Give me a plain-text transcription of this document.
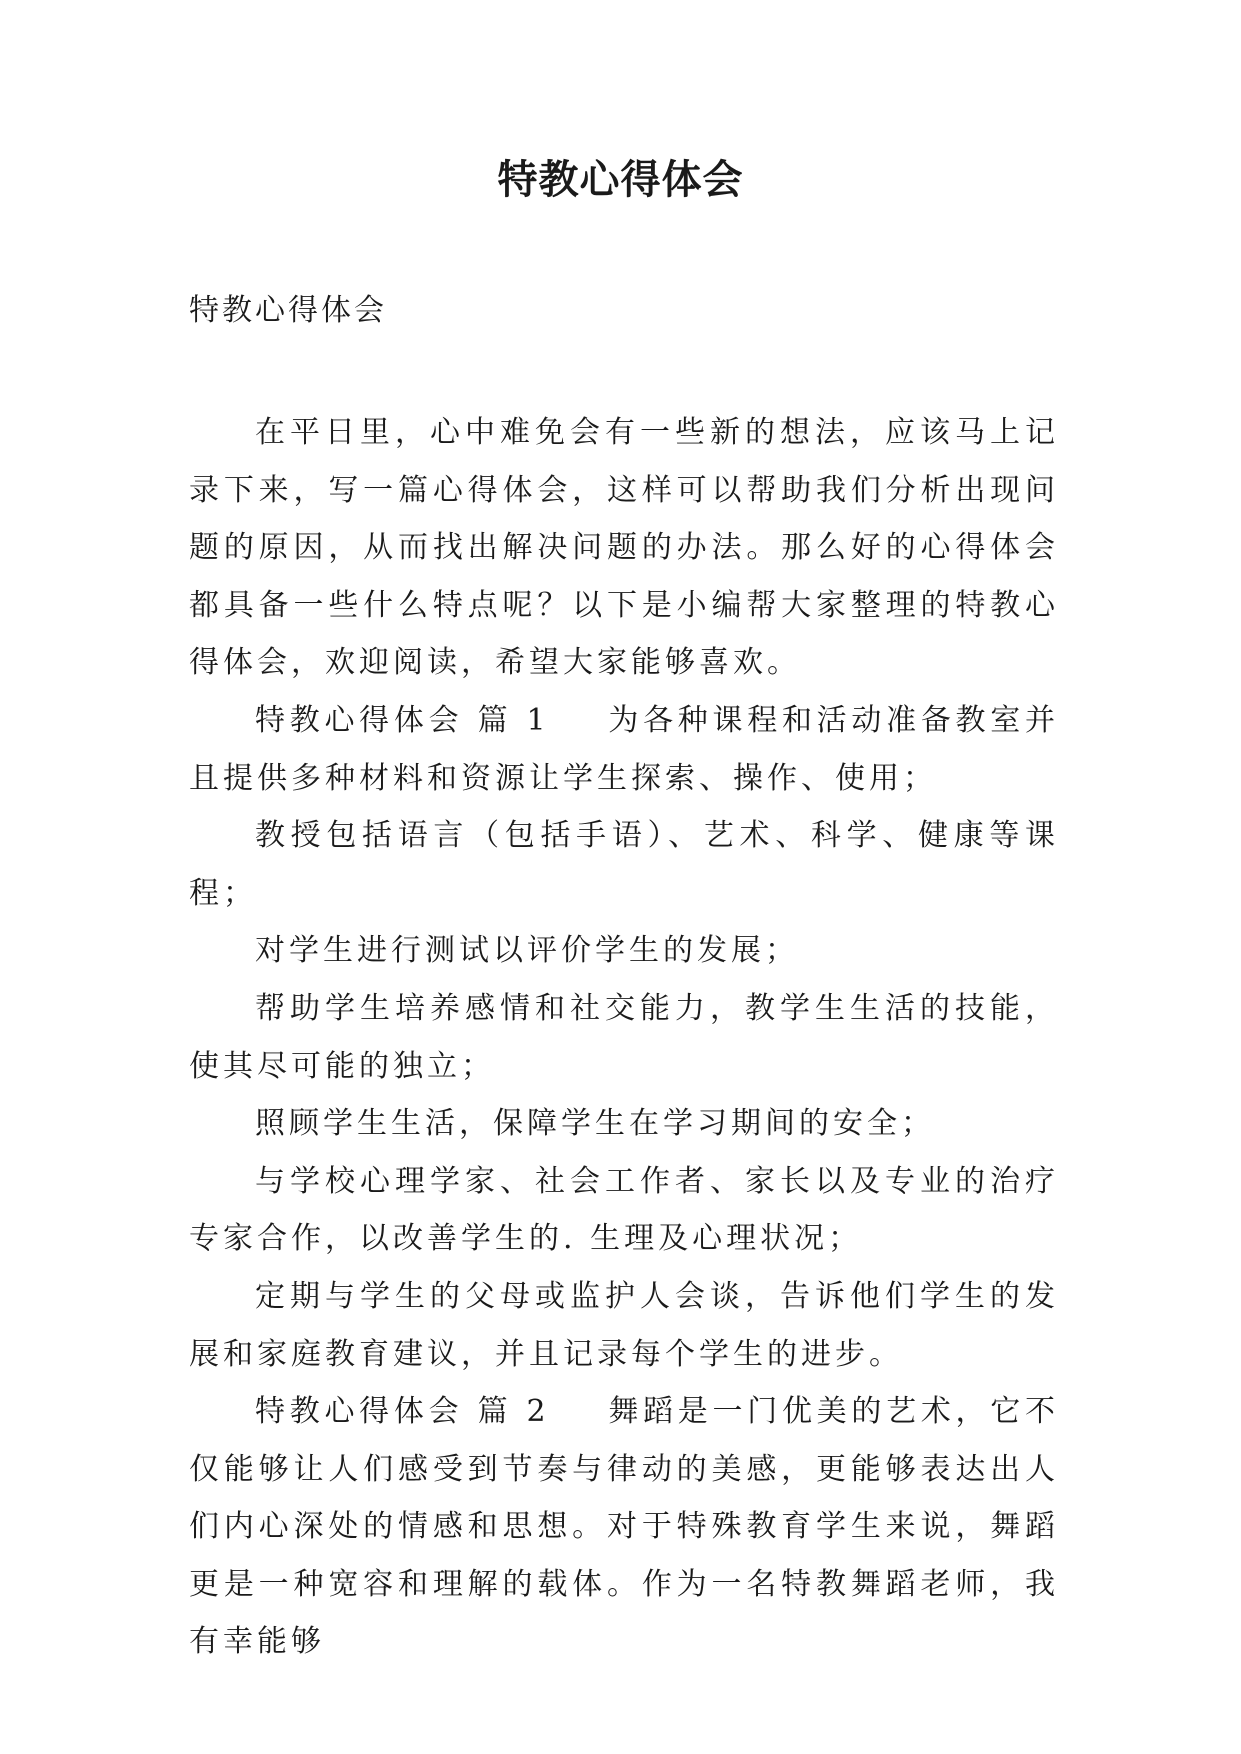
特教心得体会

特教心得体会

在平日里，心中难免会有一些新的想法，应该马上记录下来，写一篇心得体会，这样可以帮助我们分析出现问题的原因，从而找出解决问题的办法。那么好的心得体会都具备一些什么特点呢？以下是小编帮大家整理的特教心得体会，欢迎阅读，希望大家能够喜欢。

特教心得体会 篇 1 为各种课程和活动准备教室并且提供多种材料和资源让学生探索、操作、使用；

教授包括语言（包括手语）、艺术、科学、健康等课程；

对学生进行测试以评价学生的发展；

帮助学生培养感情和社交能力，教学生生活的技能，使其尽可能的独立；

照顾学生生活，保障学生在学习期间的安全；

与学校心理学家、社会工作者、家长以及专业的治疗专家合作，以改善学生的. 生理及心理状况；

定期与学生的父母或监护人会谈，告诉他们学生的发展和家庭教育建议，并且记录每个学生的进步。

特教心得体会 篇 2 舞蹈是一门优美的艺术，它不仅能够让人们感受到节奏与律动的美感，更能够表达出人们内心深处的情感和思想。对于特殊教育学生来说，舞蹈更是一种宽容和理解的载体。作为一名特教舞蹈老师，我有幸能够
